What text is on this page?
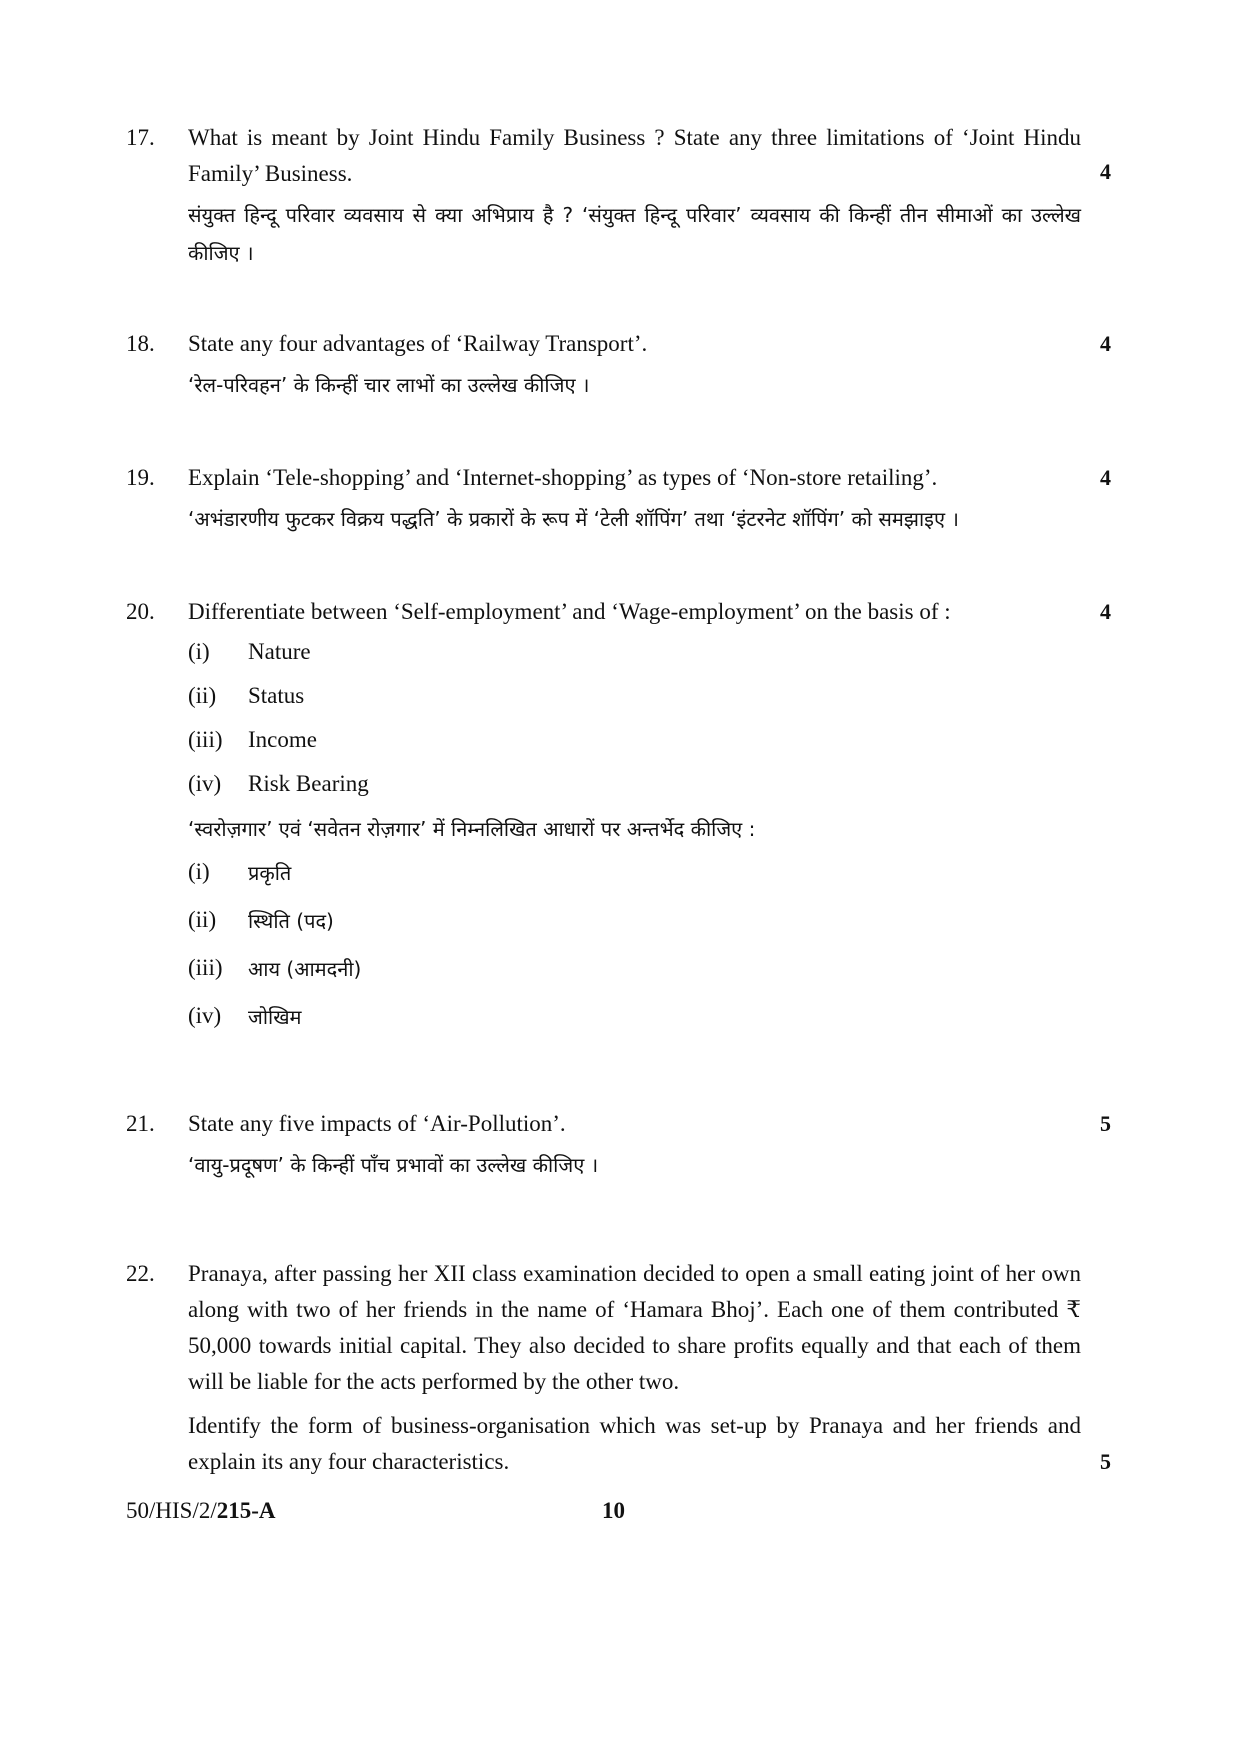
17. What is meant by Joint Hindu Family Business ? State any three limitations of ‘Joint Hindu Family’ Business.

संयुक्त हिन्दू परिवार व्यवसाय से क्या अभिप्राय है ? ‘संयुक्त हिन्दू परिवार’ व्यवसाय की किन्हीं तीन सीमाओं का उल्लेख कीजिए ।

4
18. State any four advantages of ‘Railway Transport’.

‘रेल-परिवहन’ के किन्हीं चार लाभों का उल्लेख कीजिए ।

4
19. Explain ‘Tele-shopping’ and ‘Internet-shopping’ as types of ‘Non-store retailing’.

‘अभंडारणीय फुटकर विक्रय पद्धति’ के प्रकारों के रूप में ‘टेली शॉपिंग’ तथा ‘इंटरनेट शॉपिंग’ को समझाइए ।

4
20. Differentiate between ‘Self-employment’ and ‘Wage-employment’ on the basis of :

(i)	Nature
(ii)	Status
(iii)	Income
(iv)	Risk Bearing

‘स्वरोज़गार’ एवं ‘सवेतन रोज़गार’ में निम्नलिखित आधारों पर अन्तर्भेद कीजिए :

(i)	प्रकृति
(ii)	स्थिति (पद)
(iii)	आय (आमदनी)
(iv)	जोखिम
4
21. State any five impacts of ‘Air-Pollution’.

‘वायु-प्रदूषण’ के किन्हीं पाँच प्रभावों का उल्लेख कीजिए ।

5
22. Pranaya, after passing her XII class examination decided to open a small eating joint of her own along with two of her friends in the name of ‘Hamara Bhoj’. Each one of them contributed ₹ 50,000 towards initial capital. They also decided to share profits equally and that each of them will be liable for the acts performed by the other two.

Identify the form of business-organisation which was set-up by Pranaya and her friends and explain its any four characteristics.	5
50/HIS/2/215-A	10
